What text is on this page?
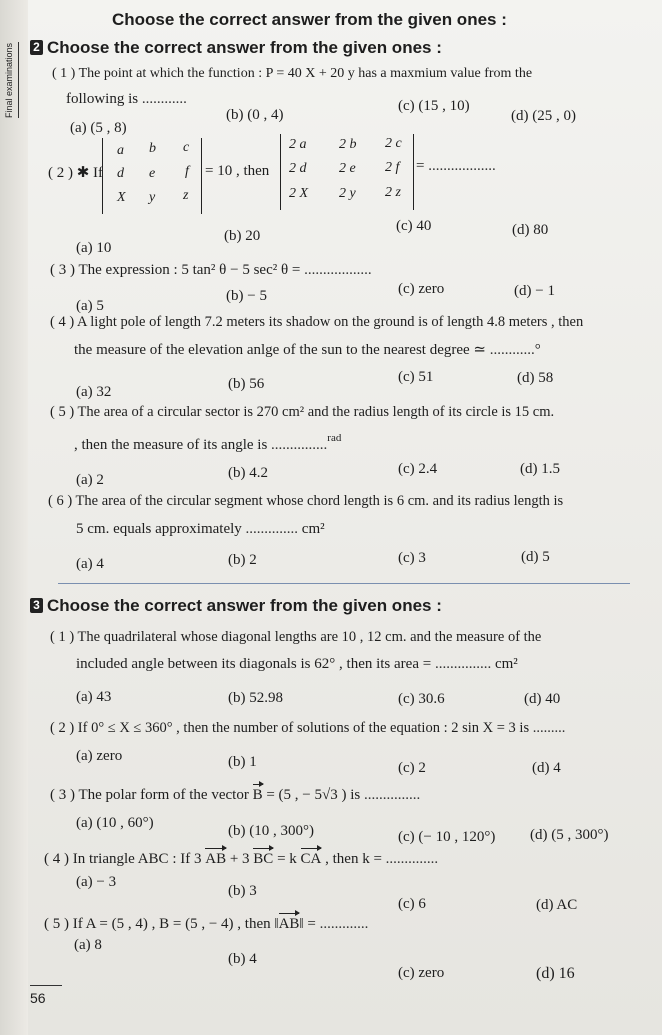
Final examinations
Choose the correct answer from the given ones :
2 Choose the correct answer from the given ones :
( 1 ) The point at which the function : P = 40 X + 20 y has a maxmium value from the
following is ............
(a) (5 , 8)
(b) (0 , 4)
(c) (15 , 10)
(d) (25 , 0)
( 2 ) ✱ If
a b c
d e f
X y z
= 10 , then
2 a 2 b 2 c
2 d 2 e 2 f
2 X 2 y 2 z
= ..................
(a) 10
(b) 20
(c) 40	(d) 80
( 3 ) The expression : 5 tan² θ − 5 sec² θ = ..................
(a) 5
(b) − 5	(c) zero	(d) − 1
( 4 ) A light pole of length 7.2 meters its shadow on the ground is of length 4.8 meters , then
the measure of the elevation anlge of the sun to the nearest degree ≃ ............°
(a) 32	(b) 56	(c) 51	(d) 58
( 5 ) The area of a circular sector is 270 cm² and the radius length of its circle is 15 cm.
, then the measure of its angle is ...............$^{rad}$
(a) 2	(b) 4.2	(c) 2.4	(d) 1.5
( 6 ) The area of the circular segment whose chord length is 6 cm. and its radius length is
5 cm. equals approximately .............. cm²
(a) 4	(b) 2	(c) 3	(d) 5
3 Choose the correct answer from the given ones :
( 1 ) The quadrilateral whose diagonal lengths are 10 , 12 cm. and the measure of the
included angle between its diagonals is 62° , then its area = ............... cm²
(a) 43	(b) 52.98	(c) 30.6	(d) 40
( 2 ) If 0° ≤ X ≤ 360° , then the number of solutions of the equation : 2 sin X = 3 is .........
(a) zero	(b) 1	(c) 2	(d) 4
( 3 ) The polar form of the vector B = (5 , − 5√3 ) is ...............
(a) (10 , 60°)	(b) (10 , 300°)	(c) (− 10 , 120°) (d) (5 , 300°)
( 4 ) In triangle ABC : If 3 AB + 3 BC = k CA , then k = ..............
(a) − 3
(b) 3
(c) 6	(d) AC
( 5 ) If A = (5 , 4) , B = (5 , − 4) , then ‖AB‖ = .............
(a) 8
(b) 4
(c) zero	(d) 16
56
